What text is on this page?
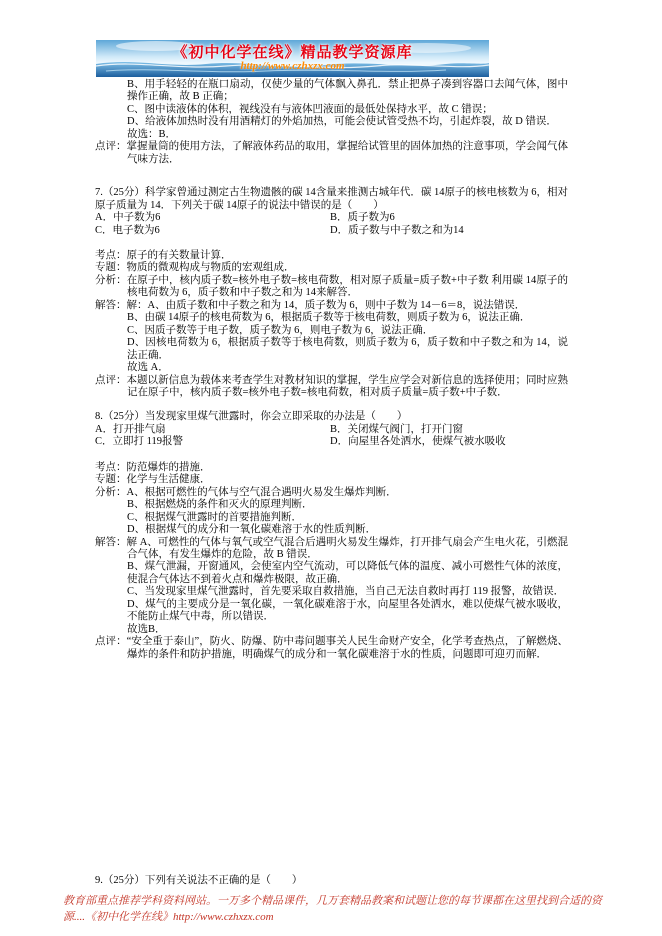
《初中化学在线》精品教学资源库
http://www.czhxzx.com
B、用手轻轻的在瓶口扇动，仅使少量的气体飘入鼻孔．禁止把鼻子凑到容器口去闻气体，图中操作正确，故 B 正确；
C、图中读液体的体积，视线没有与液体凹液面的最低处保持水平，故 C 错误；
D、给液体加热时没有用酒精灯的外焰加热，可能会使试管受热不均，引起炸裂，故 D 错误．
故选：B．
点评：掌握量筒的使用方法，了解液体药品的取用，掌握给试管里的固体加热的注意事项，学会闻气体气味方法．
7.（25分）科学家曾通过测定古生物遗骸的碳 14含量来推测古城年代．碳 14原子的核电核数为 6，相对原子质量为 14．下列关于碳 14原子的说法中错误的是（　　）
A．中子数为6	B．质子数为6
C．电子数为6	D．质子数与中子数之和为14
考点：原子的有关数量计算．
专题：物质的微观构成与物质的宏观组成．
分析：在原子中，核内质子数=核外电子数=核电荷数，相对原子质量=质子数+中子数 利用碳 14原子的核电荷数为 6，质子数和中子数之和为 14来解答．
解答：解：A、由质子数和中子数之和为 14，质子数为 6，则中子数为 14－6＝8，说法错误．
B、由碳 14原子的核电荷数为 6，根据质子数等于核电荷数，则质子数为 6，说法正确．
C、因质子数等于电子数，质子数为 6，则电子数为 6，说法正确．
D、因核电荷数为 6，根据质子数等于核电荷数，则质子数为 6，质子数和中子数之和为 14，说法正确．
故选 A．
点评：本题以新信息为载体来考查学生对教材知识的掌握，学生应学会对新信息的选择使用；同时应熟记在原子中，核内质子数=核外电子数=核电荷数，相对质子质量=质子数+中子数．
8.（25分）当发现家里煤气泄露时，你会立即采取的办法是（　　）
A．打开排气扇	B．关闭煤气阀门，打开门窗
C．立即打 119报警	D．向屋里各处洒水，使煤气被水吸收
考点：防范爆炸的措施．
专题：化学与生活健康．
分析：A、根据可燃性的气体与空气混合遇明火易发生爆炸判断．
B、根据燃烧的条件和灭火的原理判断．
C、根据煤气泄露时的首要措施判断．
D、根据煤气的成分和一氧化碳难溶于水的性质判断．
解答：解 A、可燃性的气体与氧气或空气混合后遇明火易发生爆炸，打开排气扇会产生电火花，引燃混合气体，有发生爆炸的危险，故 B 错误．
B、煤气泄漏，开窗通风，会使室内空气流动，可以降低气体的温度、减小可燃性气体的浓度，使混合气体达不到着火点和爆炸极限，故正确．
C、当发现家里煤气泄露时，首先要采取自救措施，当自己无法自救时再打 119 报警，故错误．
D、煤气的主要成分是一氧化碳，一氧化碳难溶于水，向屋里各处洒水，难以使煤气被水吸收，不能防止煤气中毒，所以错误．
故选B．
点评：“安全重于泰山”，防火、防爆、防中毒问题事关人民生命财产安全，化学考查热点，了解燃烧、爆炸的条件和防护措施，明确煤气的成分和一氧化碳难溶于水的性质，问题即可迎刃而解．
9.（25分）下列有关说法不正确的是（　　）
教育部重点推荐学科资料网站。一万多个精品课件，几万套精品教案和试题让您的每节课都在这里找到合适的资
源....《初中化学在线》http://www.czhxzx.com
